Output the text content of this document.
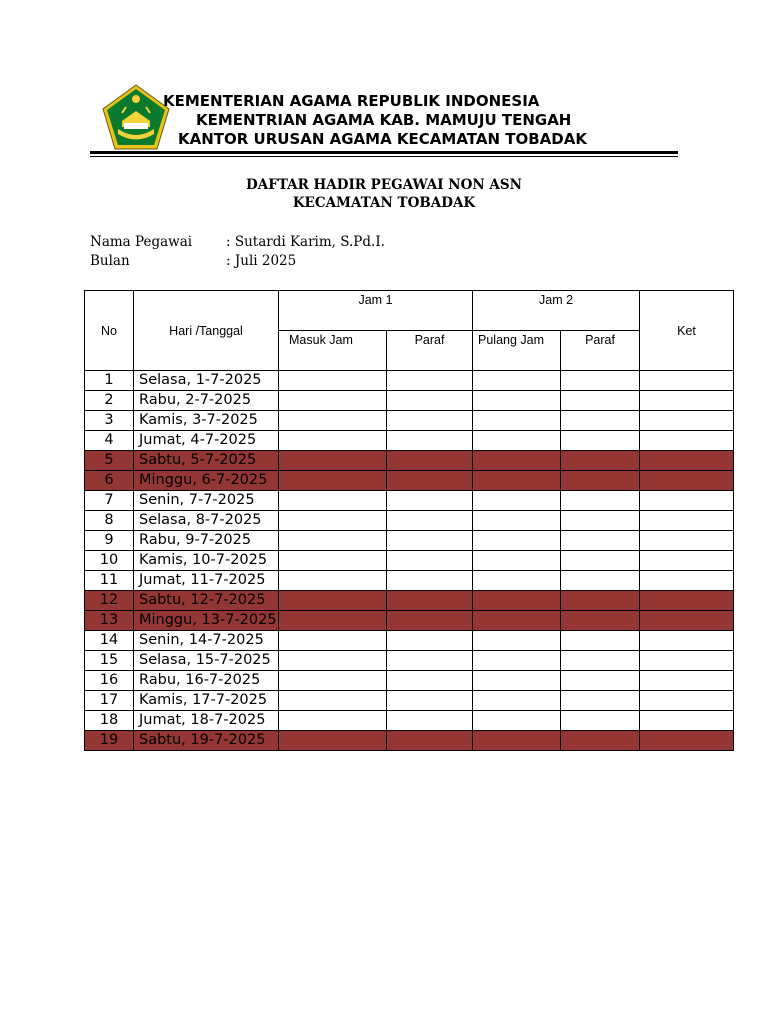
KEMENTERIAN AGAMA REPUBLIK INDONESIA
KEMENTRIAN AGAMA KAB. MAMUJU TENGAH
KANTOR URUSAN AGAMA KECAMATAN TOBADAK
DAFTAR HADIR PEGAWAI NON ASN
KECAMATAN TOBADAK
Nama Pegawai	: Sutardi Karim, S.Pd.I.
Bulan	: Juli 2025
No	Hari /Tanggal	Jam 1		Jam 2		Ket
		Masuk Jam	Paraf	Pulang Jam	Paraf	
1	Selasa, 1-7-2025					
2	Rabu, 2-7-2025					
3	Kamis, 3-7-2025					
4	Jumat, 4-7-2025					
5	Sabtu, 5-7-2025					
6	Minggu, 6-7-2025					
7	Senin, 7-7-2025					
8	Selasa, 8-7-2025					
9	Rabu, 9-7-2025					
10	Kamis, 10-7-2025					
11	Jumat, 11-7-2025					
12	Sabtu, 12-7-2025					
13	Minggu, 13-7-2025					
14	Senin, 14-7-2025					
15	Selasa, 15-7-2025					
16	Rabu, 16-7-2025					
17	Kamis, 17-7-2025					
18	Jumat, 18-7-2025					
19	Sabtu, 19-7-2025					
